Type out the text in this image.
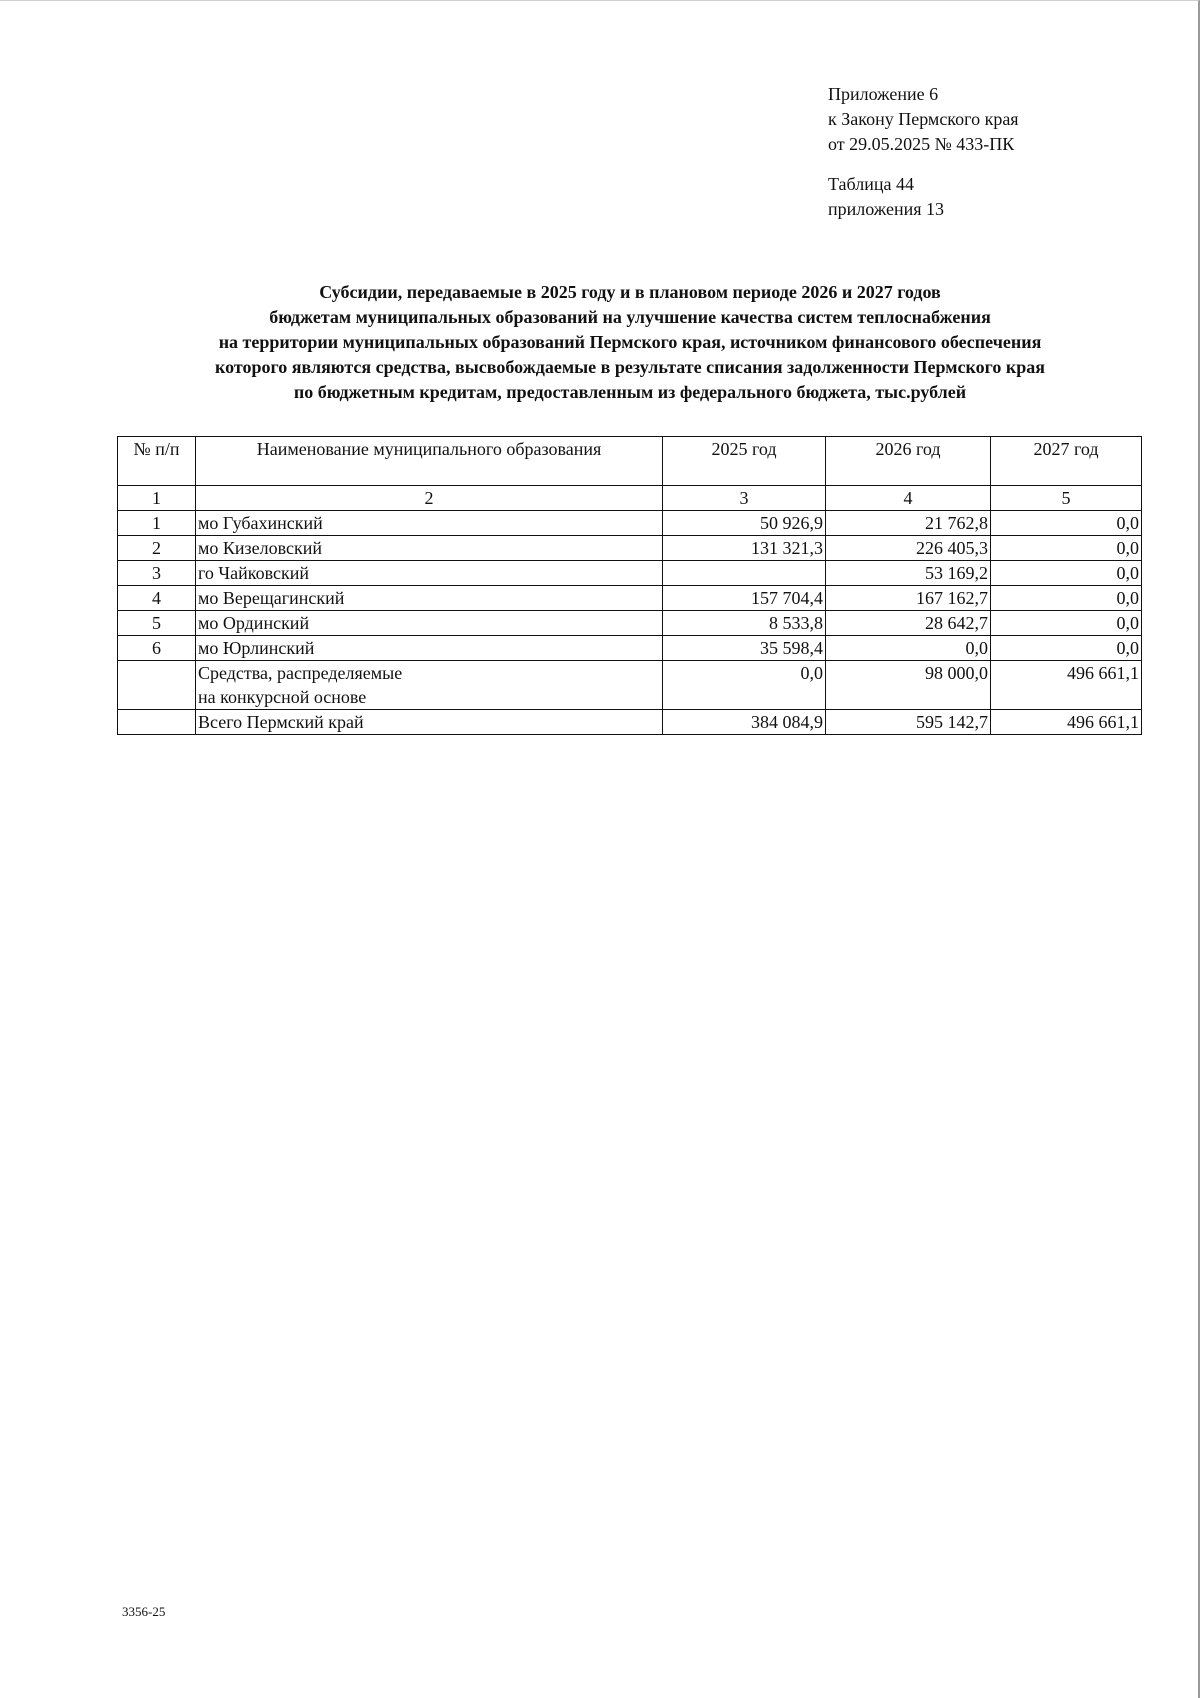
Приложение 6
к Закону Пермского края
от 29.05.2025 № 433-ПК
Таблица 44
приложения 13
Субсидии, передаваемые в 2025 году и в плановом периоде 2026 и 2027 годов
бюджетам муниципальных образований на улучшение качества систем теплоснабжения
на территории муниципальных образований Пермского края, источником финансового обеспечения
которого являются средства, высвобождаемые в результате списания задолженности Пермского края
по бюджетным кредитам, предоставленным из федерального бюджета, тыс.рублей
№ п/п	Наименование муниципального образования	2025 год	2026 год	2027 год
1	2	3	4	5
1	мо Губахинский	50 926,9	21 762,8	0,0
2	мо Кизеловский	131 321,3	226 405,3	0,0
3	го Чайковский		53 169,2	0,0
4	мо Верещагинский	157 704,4	167 162,7	0,0
5	мо Ординский	8 533,8	28 642,7	0,0
6	мо Юрлинский	35 598,4	0,0	0,0

	Средства, распределяемые
на конкурсной основе	0,0	98 000,0	496 661,1
	Всего Пермский край	384 084,9	595 142,7	496 661,1
3356-25
